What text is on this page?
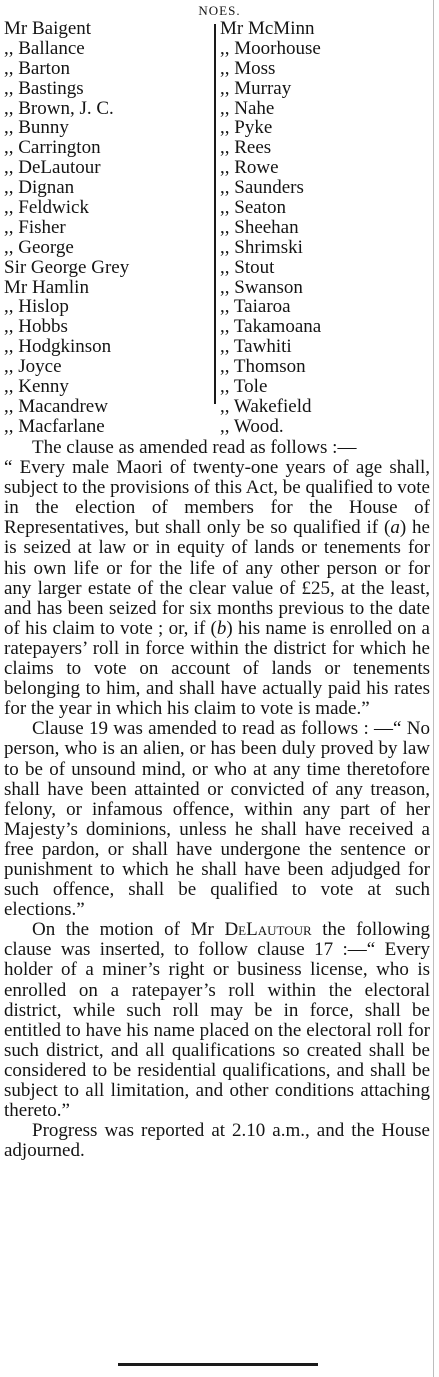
NOES.
Mr Baigent
,, Ballance
,, Barton
,, Bastings
,, Brown, J. C.
,, Bunny
,, Carrington
,, DeLautour
,, Dignan
,, Feldwick
,, Fisher
,, George
Sir George Grey
Mr Hamlin
,, Hislop
,, Hobbs
,, Hodgkinson
,, Joyce
,, Kenny
,, Macandrew
,, Macfarlane
Mr McMinn
,, Moorhouse
,, Moss
,, Murray
,, Nahe
,, Pyke
,, Rees
,, Rowe
,, Saunders
,, Seaton
,, Sheehan
,, Shrimski
,, Stout
,, Swanson
,, Taiaroa
,, Takamoana
,, Tawhiti
,, Thomson
,, Tole
,, Wakefield
,, Wood.

The clause as amended read as follows :—

“ Every male Maori of twenty-one years of age shall, subject to the provisions of this Act, be qualified to vote in the election of members for the House of Representatives, but shall only be so qualified if (a) he is seized at law or in equity of lands or tenements for his own life or for the life of any other person or for any larger estate of the clear value of £25, at the least, and has been seized for six months previous to the date of his claim to vote ; or, if (b) his name is enrolled on a ratepayers’ roll in force within the district for which he claims to vote on account of lands or tenements belonging to him, and shall have actually paid his rates for the year in which his claim to vote is made.”

Clause 19 was amended to read as follows : —“ No person, who is an alien, or has been duly proved by law to be of unsound mind, or who at any time theretofore shall have been attainted or convicted of any treason, felony, or infamous offence, within any part of her Majesty’s dominions, unless he shall have received a free pardon, or shall have undergone the sentence or punishment to which he shall have been adjudged for such offence, shall be qualified to vote at such elections.”

On the motion of Mr DeLautour the following clause was inserted, to follow clause 17 :—“ Every holder of a miner’s right or business license, who is enrolled on a ratepayer’s roll within the electoral district, while such roll may be in force, shall be entitled to have his name placed on the electoral roll for such district, and all qualifications so created shall be considered to be residential qualifications, and shall be subject to all limitation, and other conditions attaching thereto.”

Progress was reported at 2.10 a.m., and the House adjourned.
